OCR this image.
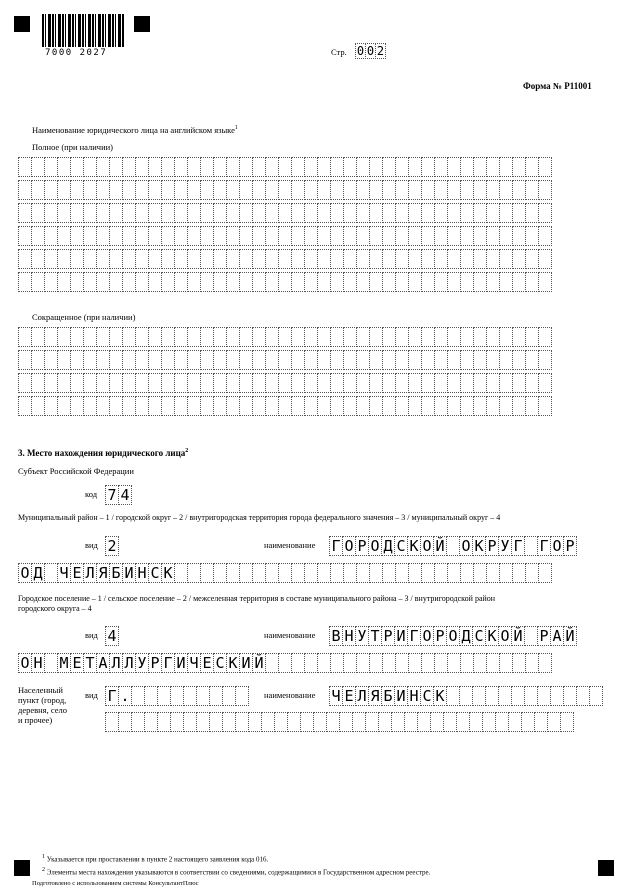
7000 2027	Стр. 0 0 2
Форма № Р11001
Наименование юридического лица на английском языке$^1$
Полное (при наличии)
Сокращенное (при наличии)
3. Место нахождения юридического лица$^2$
Субъект Российской Федерации
код 7 4
Муниципальный район – 1 / городской округ – 2 / внутригородская территория города федерального значения – 3 / муниципальный округ – 4
вид 2	наименование Г О Р О Д С К О Й О К Р У Г Г О Р
О Д Ч Е Л Я Б И Н С К
Городское поселение – 1 / сельское поселение – 2 / межселенная территория в составе муниципального района – 3 / внутригородской район
городского округа – 4
вид 4	наименование В Н У Т Р И Г О Р О Д С К О Й Р А Й
О Н М Е Т А Л Л У Р Г И Ч Е С К И Й
Населенный
пункт (город,
деревня, село
и прочее)
вид Г .	наименование Ч Е Л Я Б И Н С К
$^1$ Указывается при проставлении в пункте 2 настоящего заявления кода 016.
$^2$ Элементы места нахождения указываются в соответствии со сведениями, содержащимися в Государственном адресном реестре.
Подготовлено с использованием системы КонсультантПлюс
